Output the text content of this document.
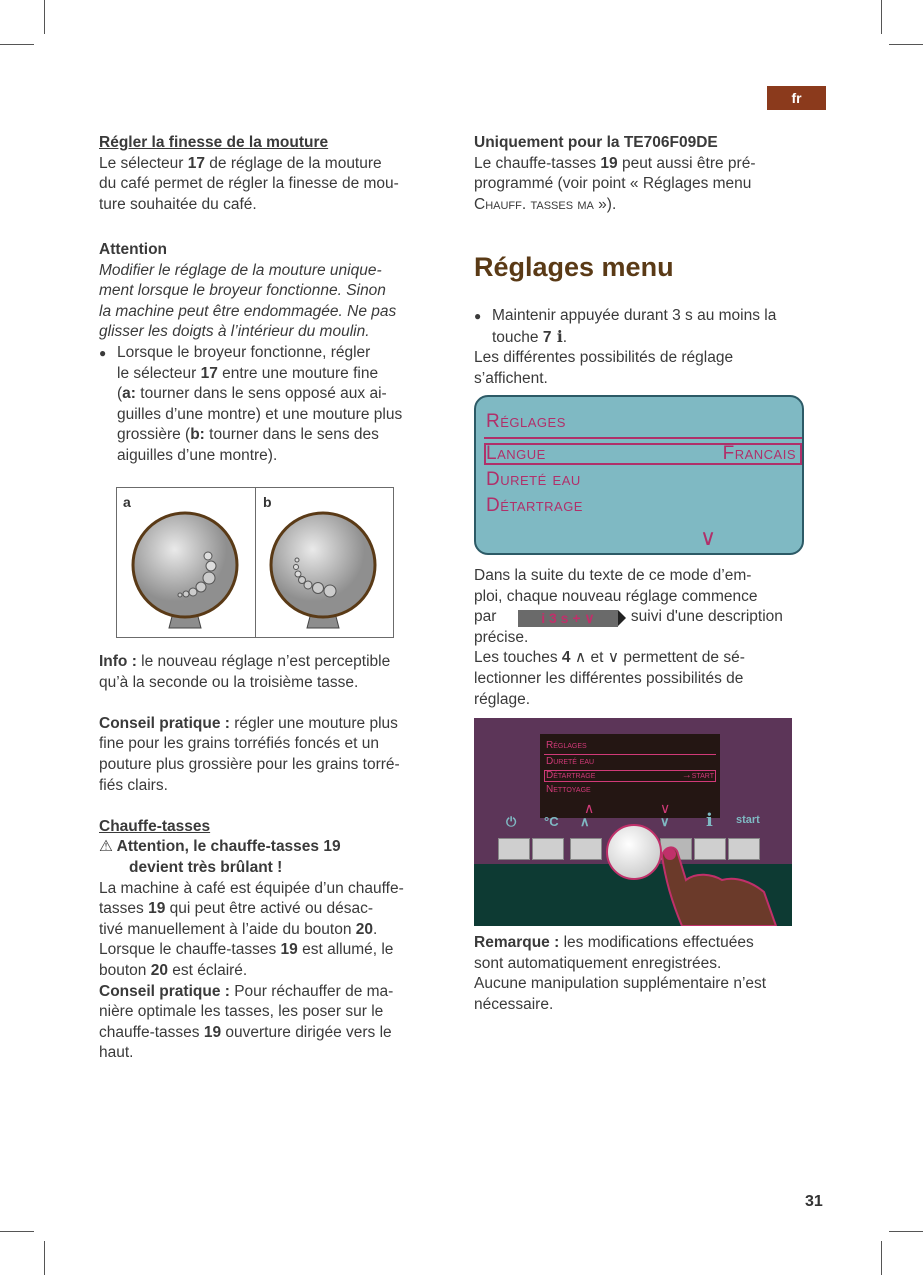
fr

Régler la finesse de la mouture

Le sélecteur 17 de réglage de la mouture

du café permet de régler la finesse de mou-

ture souhaitée du café.

Attention

Modifier le réglage de la mouture unique-

ment lorsque le broyeur fonctionne. Sinon

la machine peut être endommagée. Ne pas

glisser les doigts à l’intérieur du moulin.

● Lorsque le broyeur fonctionne, régler

le sélecteur 17 entre une mouture fine

(a: tourner dans le sens opposé aux ai-

guilles d’une montre) et une mouture plus

grossière (b: tourner dans le sens des

aiguilles d’une montre).

a	b

Info : le nouveau réglage n’est perceptible

qu’à la seconde ou la troisième tasse.

Conseil pratique : régler une mouture plus

fine pour les grains torréfiés foncés et un

pouture plus grossière pour les grains torré-

fiés clairs.

Chauffe-tasses

⚠ Attention, le chauffe-tasses 19

devient très brûlant !

La machine à café est équipée d’un chauffe-

tasses 19 qui peut être activé ou désac-

tivé manuellement à l’aide du bouton 20.

Lorsque le chauffe-tasses 19 est allumé, le

bouton 20 est éclairé.

Conseil pratique : Pour réchauffer de ma-

nière optimale les tasses, les poser sur le

chauffe-tasses 19 ouverture dirigée vers le

haut.

Uniquement pour la TE706F09DE

Le chauffe-tasses 19 peut aussi être pré-

programmé (voir point « Réglages menu

Chauff. tasses ma »).

Réglages menu

● Maintenir appuyée durant 3 s au moins la

touche 7 i.

Les différentes possibilités de réglage

s’affichent.

Réglages
Langue	Francais
Dureté eau
Détartrage
∨

Dans la suite du texte de ce mode d’em-

ploi, chaque nouveau réglage commence

par	i 3 s + ∨   suivi d'une description

précise.

Les touches 4 ∧ et ∨ permettent de sé-

lectionner les différentes possibilités de

réglage.

Réglages
Dureté eau
Détartrage	→start
Nettoyage
∧	∨
⏻ °C ∧	∨ i start

Remarque : les modifications effectuées

sont automatiquement enregistrées.

Aucune manipulation supplémentaire n’est

nécessaire.

31
